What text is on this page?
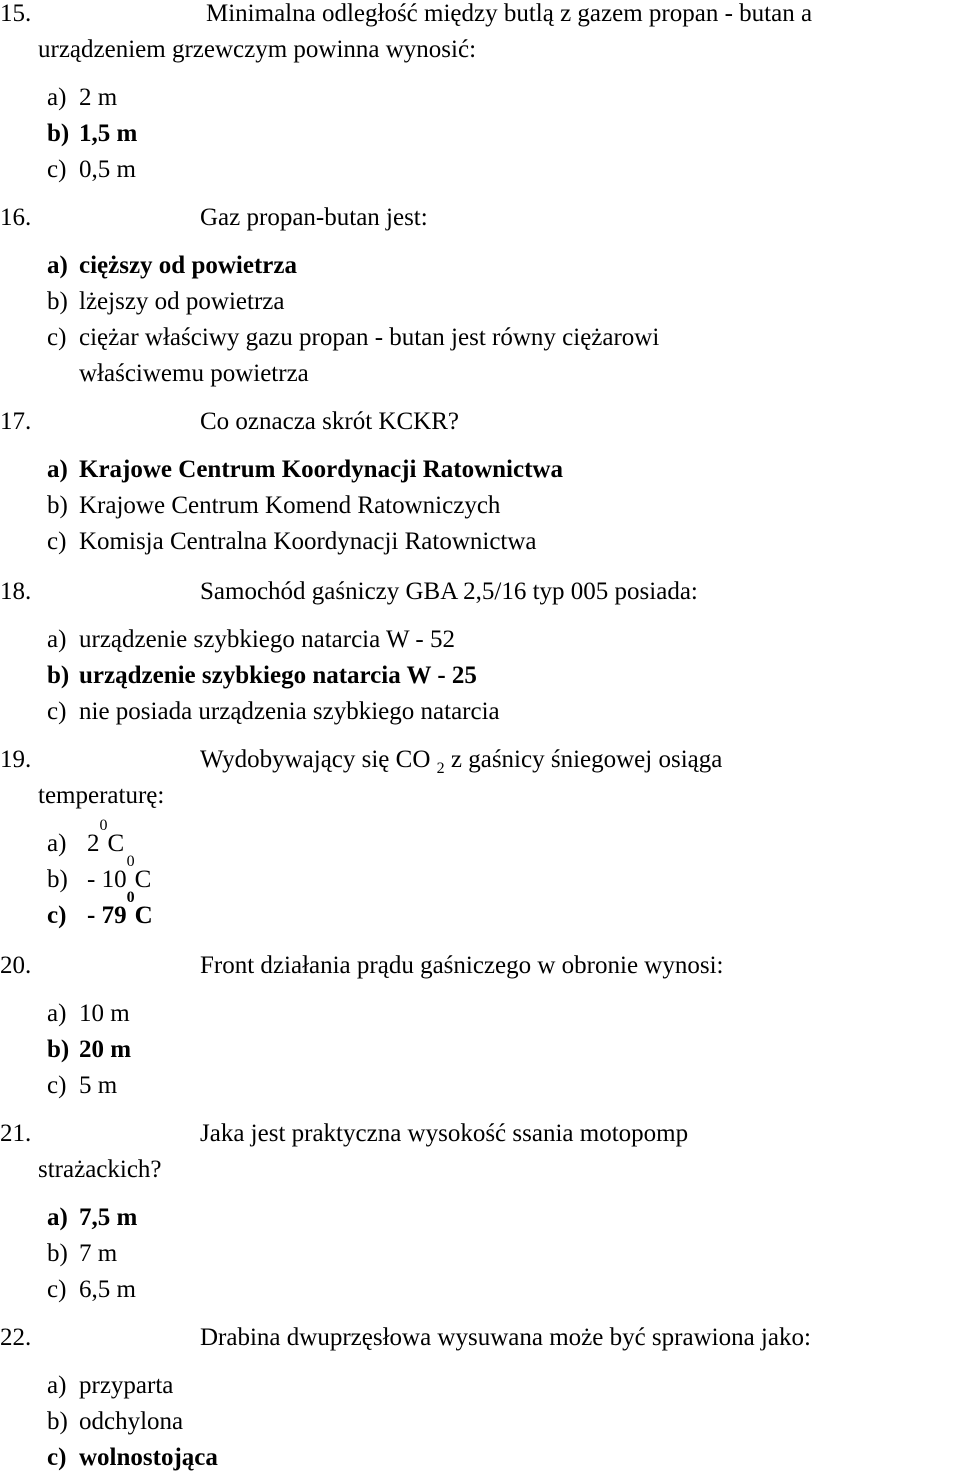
15.	Minimalna odległość między butlą z gazem propan - butan a
urządzeniem grzewczym powinna wynosić:
a) 2 m
b) 1,5 m
c) 0,5 m
16.	Gaz propan-butan jest:
a) cięższy od powietrza
b) lżejszy od powietrza
c) ciężar właściwy gazu propan - butan jest równy ciężarowi
właściwemu powietrza
17.	Co oznacza skrót KCKR?
a) Krajowe Centrum Koordynacji Ratownictwa
b) Krajowe Centrum Komend Ratowniczych
c) Komisja Centralna Koordynacji Ratownictwa
18.	Samochód gaśniczy GBA 2,5/16 typ 005 posiada:
a) urządzenie szybkiego natarcia W - 52
b) urządzenie szybkiego natarcia W - 25
c) nie posiada urządzenia szybkiego natarcia
19.	Wydobywający się CO $_2$ z gaśnicy śniegowej osiąga
temperaturę:
a) 2
0
C
b) - 10
0
C
c) - 79
0
C
20.	Front działania prądu gaśniczego w obronie wynosi:
a) 10 m
b) 20 m
c) 5 m
21.	Jaka jest praktyczna wysokość ssania motopomp
strażackich?
a) 7,5 m
b) 7 m
c) 6,5 m
22.	Drabina dwuprzęsłowa wysuwana może być sprawiona jako:
a) przyparta
b) odchylona
c) wolnostojąca
